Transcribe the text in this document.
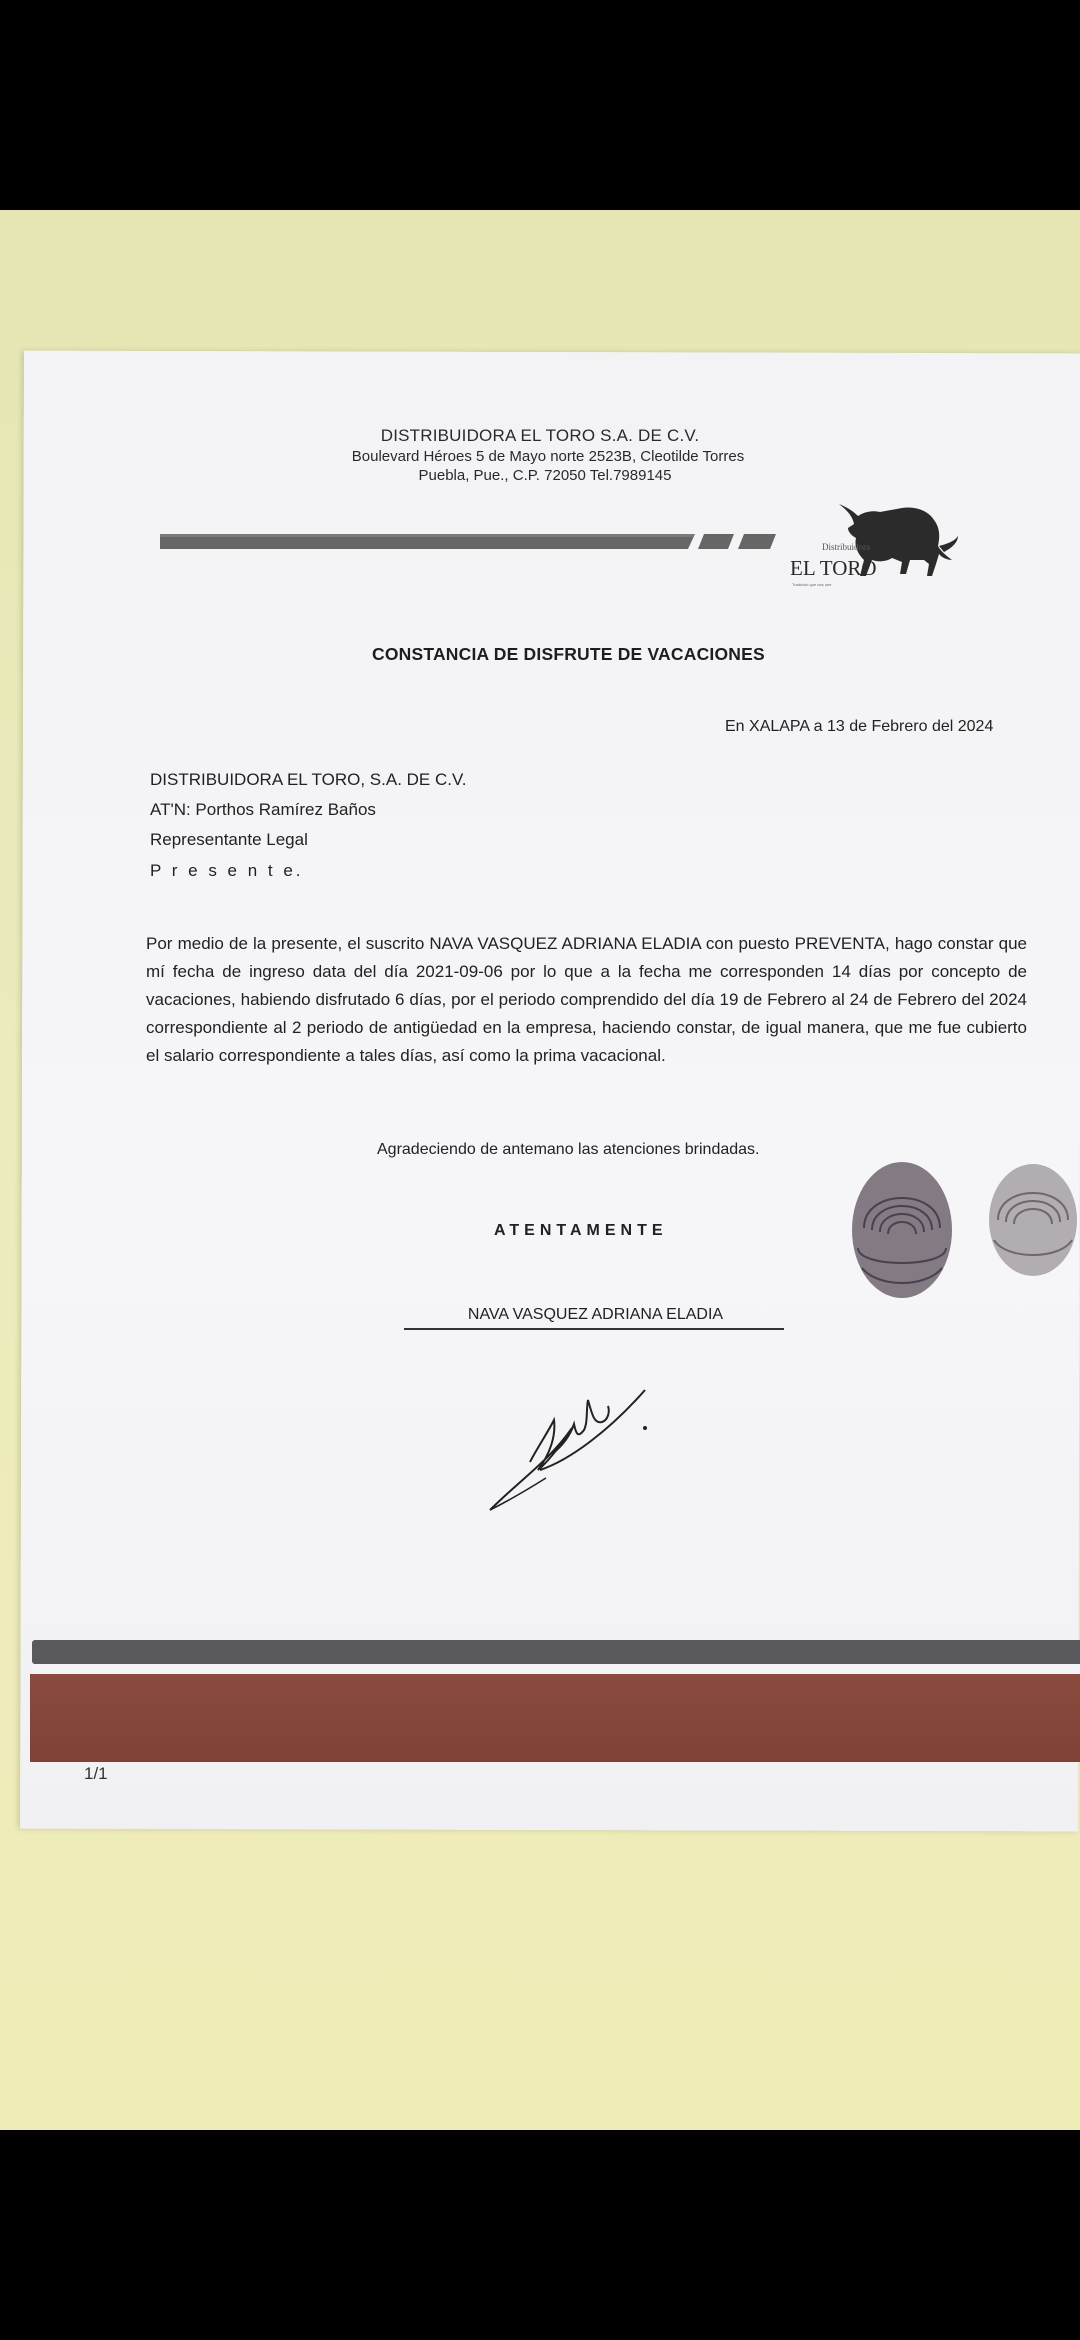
DISTRIBUIDORA EL TORO S.A. DE C.V.
Boulevard Héroes 5 de Mayo norte 2523B, Cleotilde Torres
Puebla, Pue., C.P. 72050 Tel.7989145
Distribuidora
EL TORO
Tradición que nos une
CONSTANCIA DE DISFRUTE DE VACACIONES
En XALAPA a 13 de Febrero del 2024
DISTRIBUIDORA EL TORO, S.A. DE C.V.
AT'N: Porthos Ramírez Baños
Representante Legal
P r e s e n t e.
Por medio de la presente, el suscrito NAVA VASQUEZ ADRIANA ELADIA con puesto PREVENTA, hago constar que mí fecha de ingreso data del día 2021-09-06 por lo que a la fecha me corresponden 14 días por concepto de vacaciones, habiendo disfrutado 6 días, por el periodo comprendido del día 19 de Febrero al 24 de Febrero del 2024 correspondiente al 2 periodo de antigüedad en la empresa, haciendo constar, de igual manera, que me fue cubierto el salario correspondiente a tales días, así como la prima vacacional.
Agradeciendo de antemano las atenciones brindadas.
ATENTAMENTE
NAVA VASQUEZ ADRIANA ELADIA
1/1
